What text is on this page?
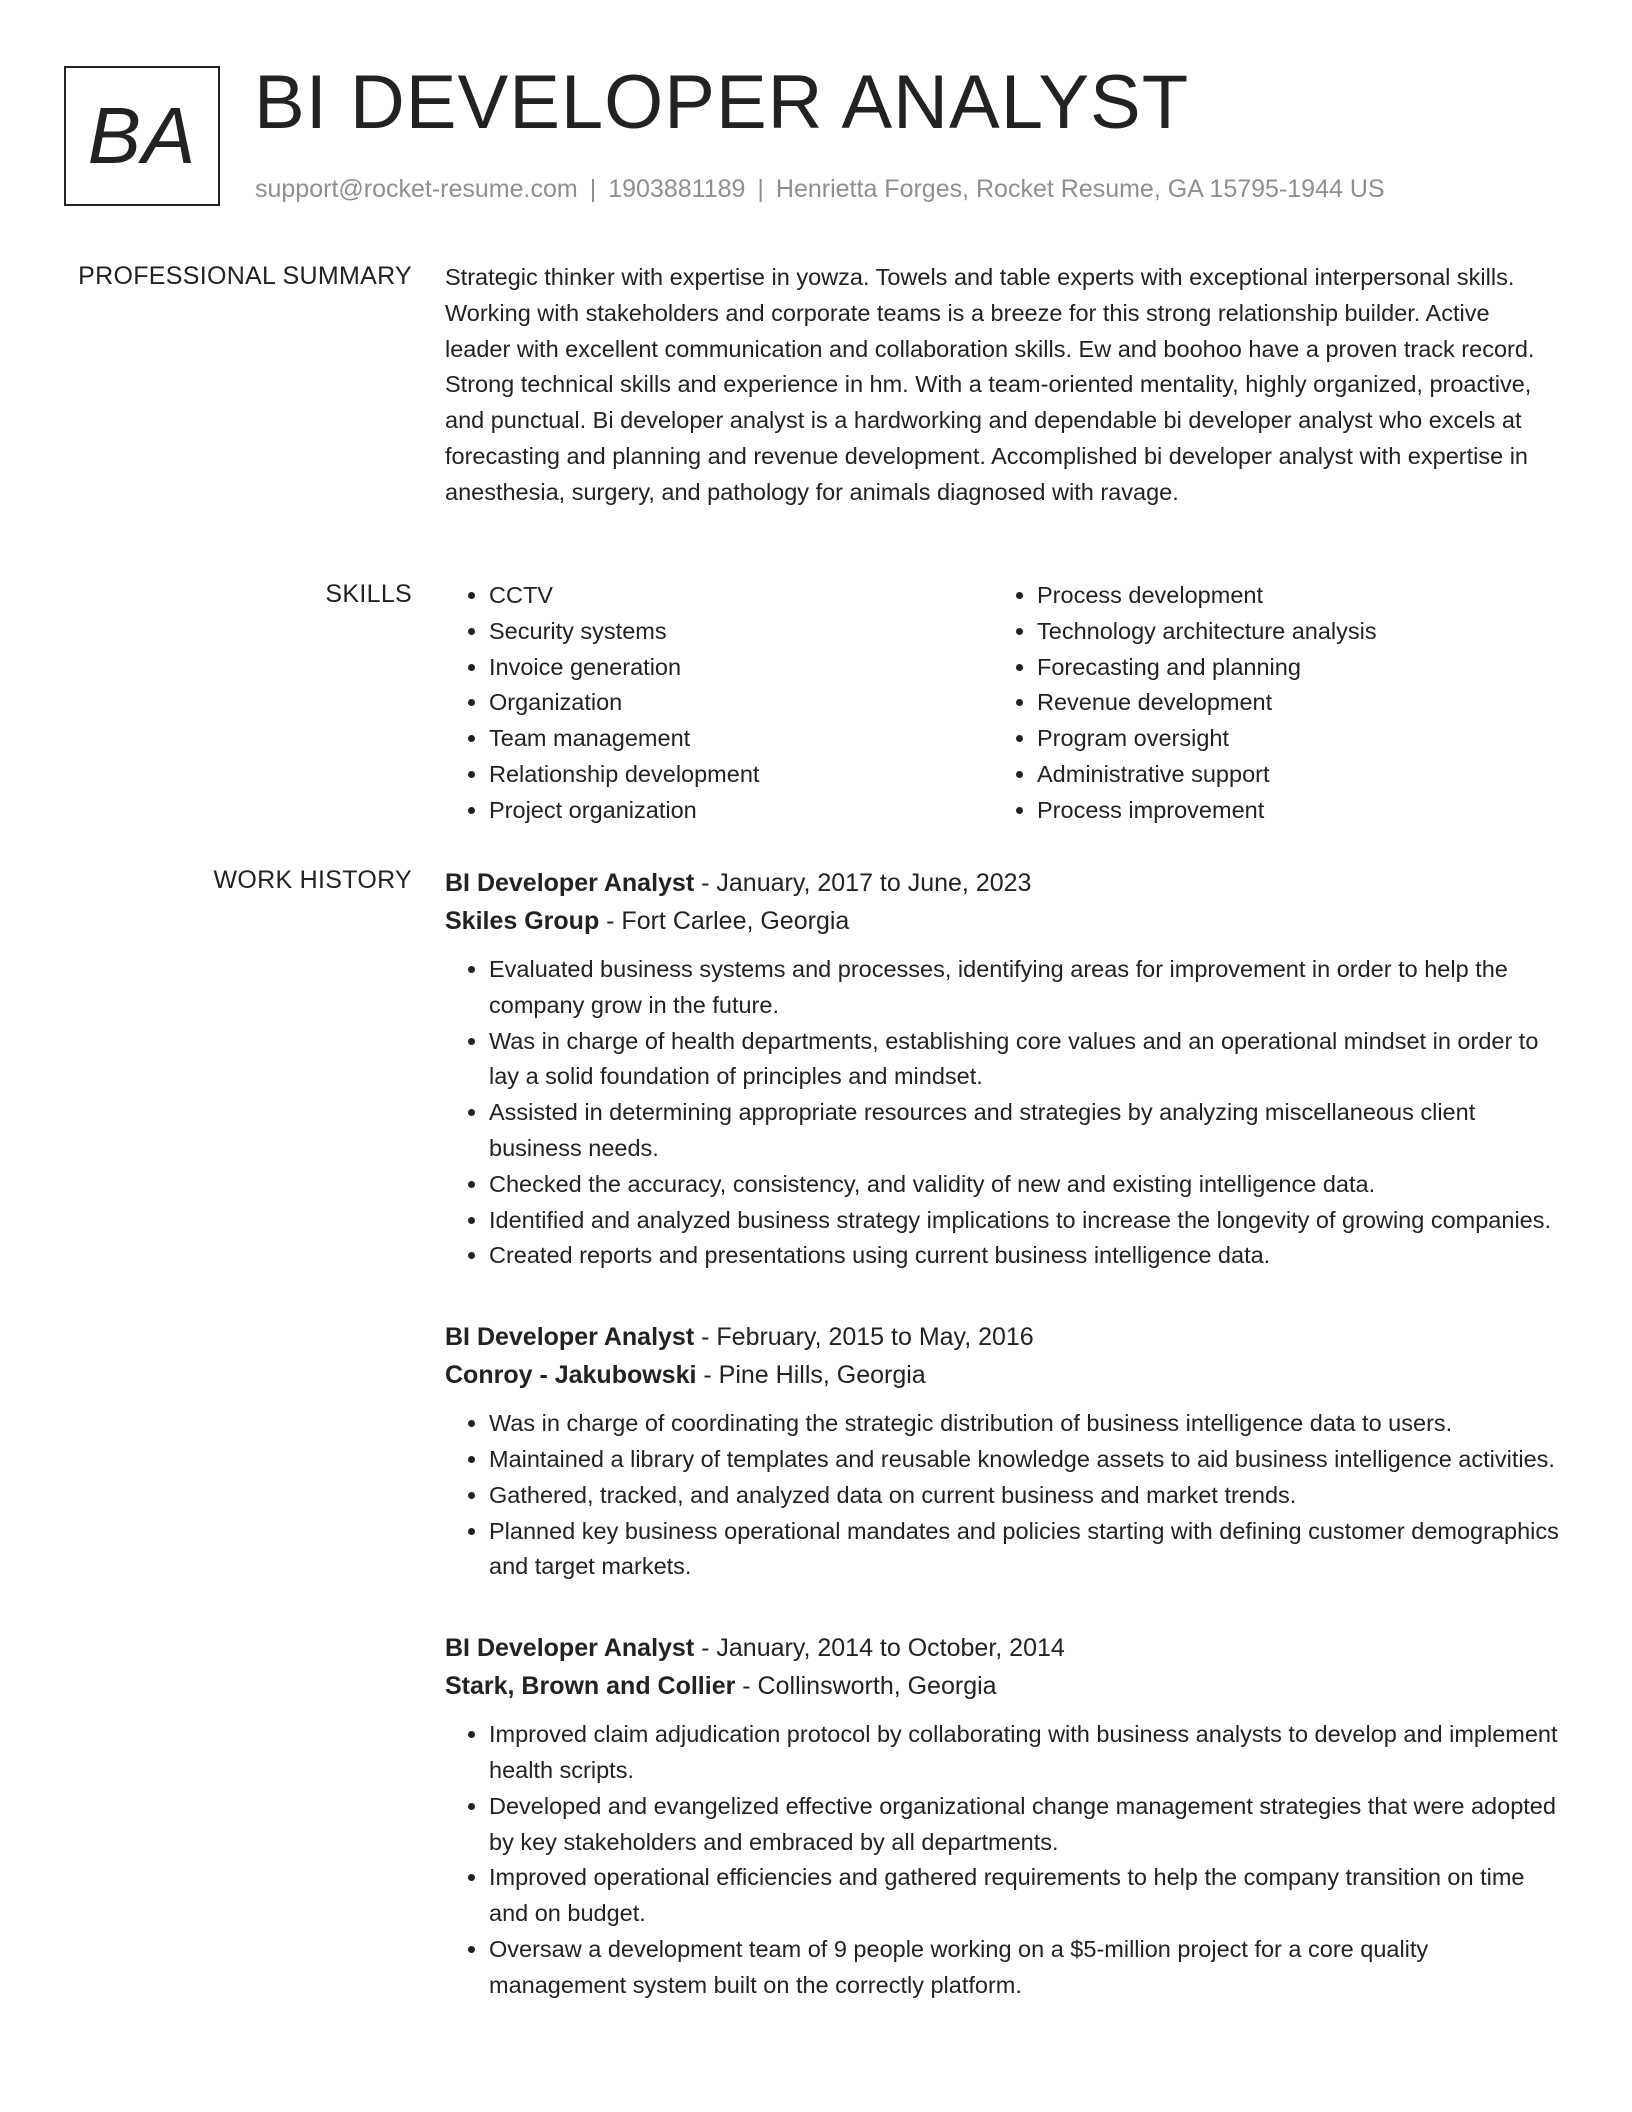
BA BI DEVELOPER ANALYST
support@rocket-resume.com | 1903881189 | Henrietta Forges, Rocket Resume, GA 15795-1944 US
PROFESSIONAL SUMMARY Strategic thinker with expertise in yowza. Towels and table experts with exceptional interpersonal skills. Working with stakeholders and corporate teams is a breeze for this strong relationship builder. Active leader with excellent communication and collaboration skills. Ew and boohoo have a proven track record. Strong technical skills and experience in hm. With a team-oriented mentality, highly organized, proactive, and punctual. Bi developer analyst is a hardworking and dependable bi developer analyst who excels at forecasting and planning and revenue development. Accomplished bi developer analyst with expertise in anesthesia, surgery, and pathology for animals diagnosed with ravage.

SKILLS
•	CCTV
• Security systems
• Invoice generation
• Organization
• Team management
• Relationship development
• Project organization
• Process development
• Technology architecture analysis
• Forecasting and planning
• Revenue development
• Program oversight
• Administrative support
• Process improvement
WORK HISTORY BI Developer Analyst - January, 2017 to June, 2023
Skiles Group - Fort Carlee, Georgia
• Evaluated business systems and processes, identifying areas for improvement in order to help the company grow in the future.
• Was in charge of health departments, establishing core values and an operational mindset in order to lay a solid foundation of principles and mindset.
• Assisted in determining appropriate resources and strategies by analyzing miscellaneous client business needs.
• Checked the accuracy, consistency, and validity of new and existing intelligence data.
• Identified and analyzed business strategy implications to increase the longevity of growing companies.
• Created reports and presentations using current business intelligence data.
BI Developer Analyst - February, 2015 to May, 2016
Conroy - Jakubowski - Pine Hills, Georgia
• Was in charge of coordinating the strategic distribution of business intelligence data to users.
• Maintained a library of templates and reusable knowledge assets to aid business intelligence activities.
• Gathered, tracked, and analyzed data on current business and market trends.
• Planned key business operational mandates and policies starting with defining customer demographics and target markets.
BI Developer Analyst - January, 2014 to October, 2014
Stark, Brown and Collier - Collinsworth, Georgia
• Improved claim adjudication protocol by collaborating with business analysts to develop and implement health scripts.
• Developed and evangelized effective organizational change management strategies that were adopted by key stakeholders and embraced by all departments.
• Improved operational efficiencies and gathered requirements to help the company transition on time and on budget.
• Oversaw a development team of 9 people working on a $5-million project for a core quality management system built on the correctly platform.
